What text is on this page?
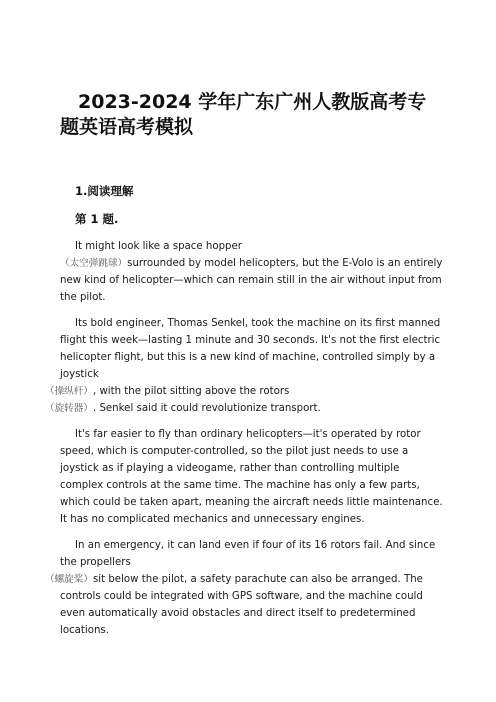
2023-2024 学年广东广州人教版高考专题英语高考模拟
1.阅读理解
第 1 题.

It might look like a space hopper
（太空弹跳球）surrounded by model helicopters, but the E-Volo is an entirely new kind of helicopter—which can remain still in the air without input from the pilot.

Its bold engineer, Thomas Senkel, took the machine on its first manned flight this week—lasting 1 minute and 30 seconds. It's not the first electric helicopter flight, but this is a new kind of machine, controlled simply by a joystick
（操纵杆）, with the pilot sitting above the rotors
（旋转器）. Senkel said it could revolutionize transport.

It's far easier to fly than ordinary helicopters—it's operated by rotor speed, which is computer-controlled, so the pilot just needs to use a joystick as if playing a videogame, rather than controlling multiple complex controls at the same time. The machine has only a few parts, which could be taken apart, meaning the aircraft needs little maintenance. It has no complicated mechanics and unnecessary engines.

In an emergency, it can land even if four of its 16 rotors fail. And since the propellers
（螺旋桨）sit below the pilot, a safety parachute can also be arranged. The controls could be integrated with GPS software, and the machine could even automatically avoid obstacles and direct itself to predetermined locations.
